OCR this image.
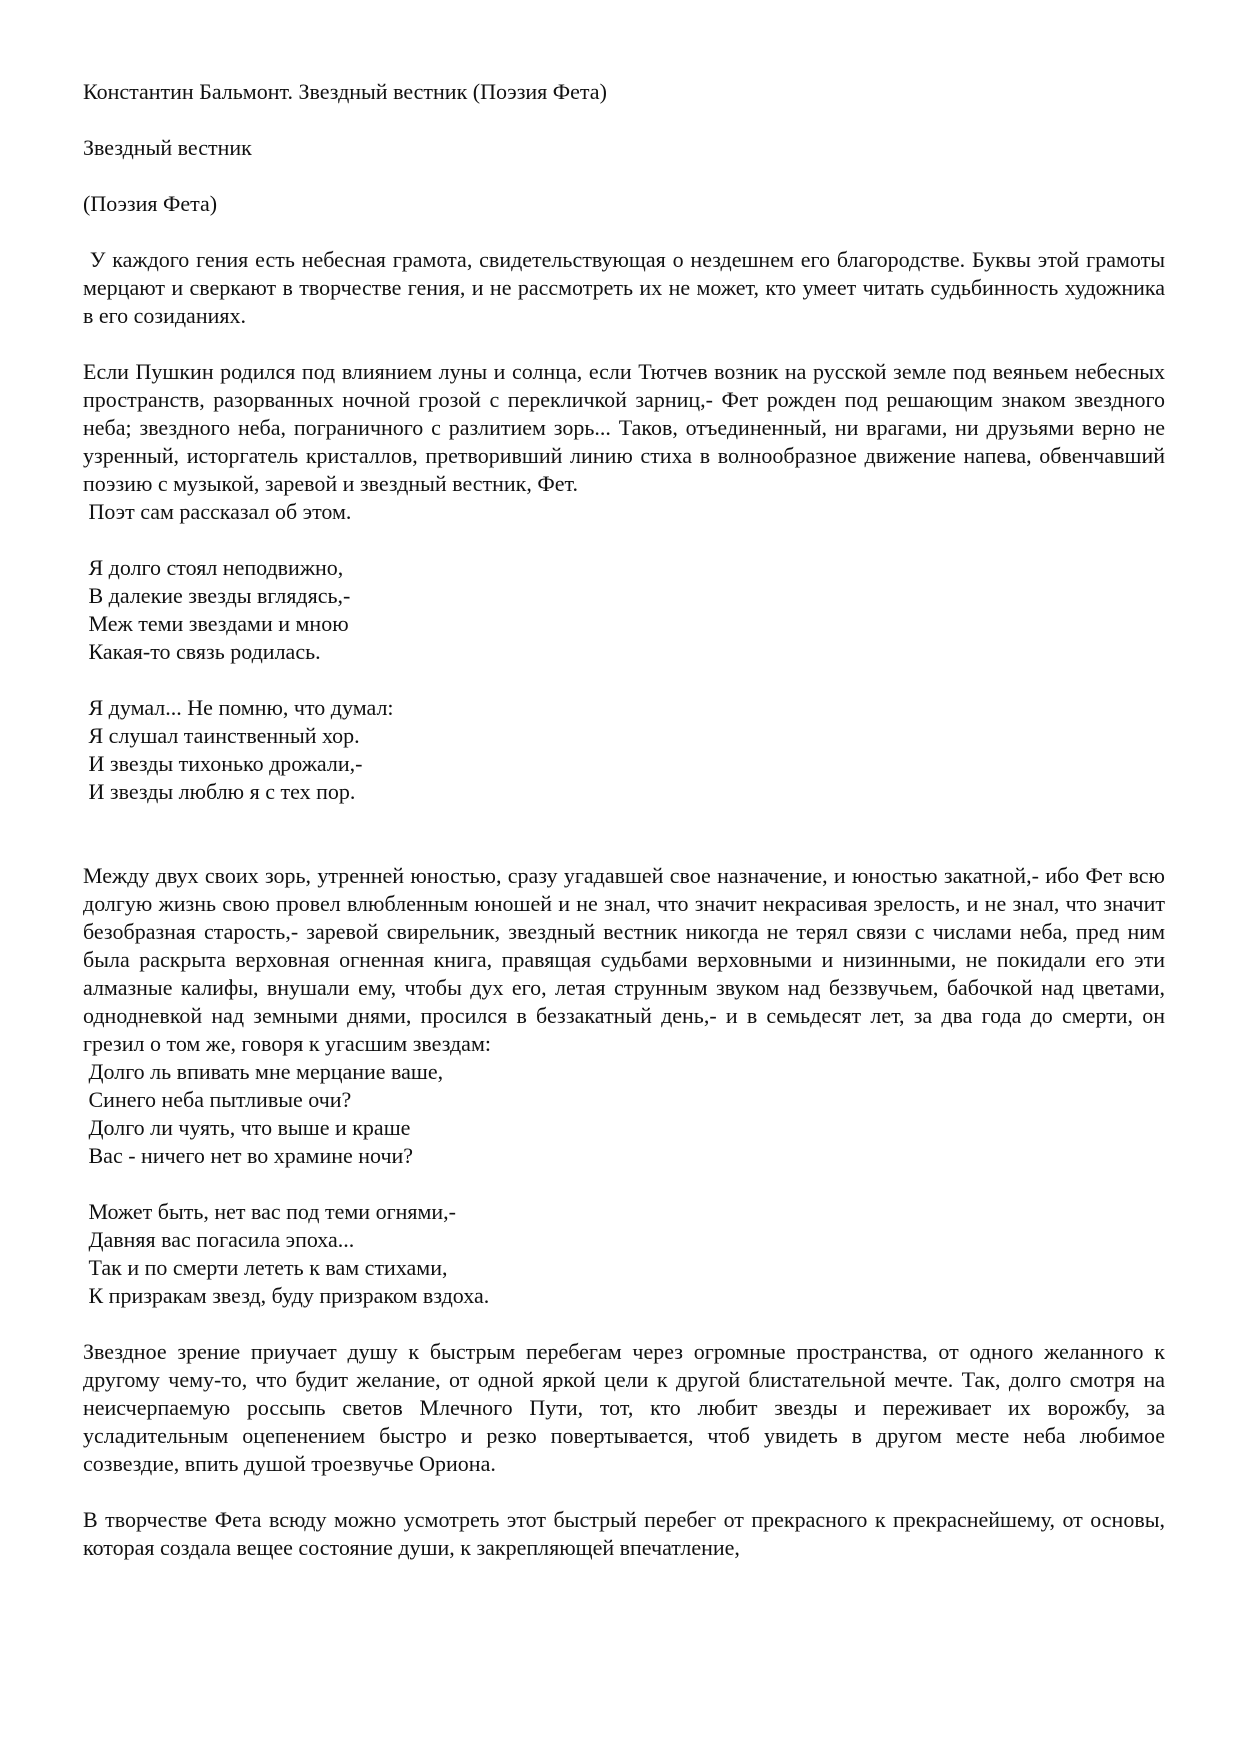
Константин Бальмонт. Звездный вестник (Поэзия Фета)

Звездный вестник

(Поэзия Фета)

У каждого гения есть небесная грамота, свидетельствующая о нездешнем его благородстве. Буквы этой грамоты мерцают и сверкают в творчестве гения, и не рассмотреть их не может, кто умеет читать судьбинность художника в его созиданиях.

Если Пушкин родился под влиянием луны и солнца, если Тютчев возник на русской земле под веяньем небесных пространств, разорванных ночной грозой с перекличкой зарниц,- Фет рожден под решающим знаком звездного неба; звездного неба, пограничного с разлитием зорь... Таков, отъединенный, ни врагами, ни друзьями верно не узренный, исторгатель кристаллов, претворивший линию стиха в волнообразное движение напева, обвенчавший поэзию с музыкой, заревой и звездный вестник, Фет.

Поэт сам рассказал об этом.

Я долго стоял неподвижно,
В далекие звезды вглядясь,-
Меж теми звездами и мною
Какая-то связь родилась.
Я думал... Не помню, что думал:
Я слушал таинственный хор.
И звезды тихонько дрожали,-
И звезды люблю я с тех пор.

Между двух своих зорь, утренней юностью, сразу угадавшей свое назначение, и юностью закатной,- ибо Фет всю долгую жизнь свою провел влюбленным юношей и не знал, что значит некрасивая зрелость, и не знал, что значит безобразная старость,- заревой свирельник, звездный вестник никогда не терял связи с числами неба, пред ним была раскрыта верховная огненная книга, правящая судьбами верховными и низинными, не покидали его эти алмазные калифы, внушали ему, чтобы дух его, летая струнным звуком над беззвучьем, бабочкой над цветами, однодневкой над земными днями, просился в беззакатный день,- и в семьдесят лет, за два года до смерти, он грезил о том же, говоря к угасшим звездам:

Долго ль впивать мне мерцание ваше,
Синего неба пытливые очи?
Долго ли чуять, что выше и краше
Вас - ничего нет во храмине ночи?
Может быть, нет вас под теми огнями,-
Давняя вас погасила эпоха...
Так и по смерти лететь к вам стихами,
К призракам звезд, буду призраком вздоха.

Звездное зрение приучает душу к быстрым перебегам через огромные пространства, от одного желанного к другому чему-то, что будит желание, от одной яркой цели к другой блистательной мечте. Так, долго смотря на неисчерпаемую россыпь светов Млечного Пути, тот, кто любит звезды и переживает их ворожбу, за усладительным оцепенением быстро и резко повертывается, чтоб увидеть в другом месте неба любимое созвездие, впить душой троезвучье Ориона.

В творчестве Фета всюду можно усмотреть этот быстрый перебег от прекрасного к прекраснейшему, от основы, которая создала вещее состояние души, к закрепляющей впечатление,
